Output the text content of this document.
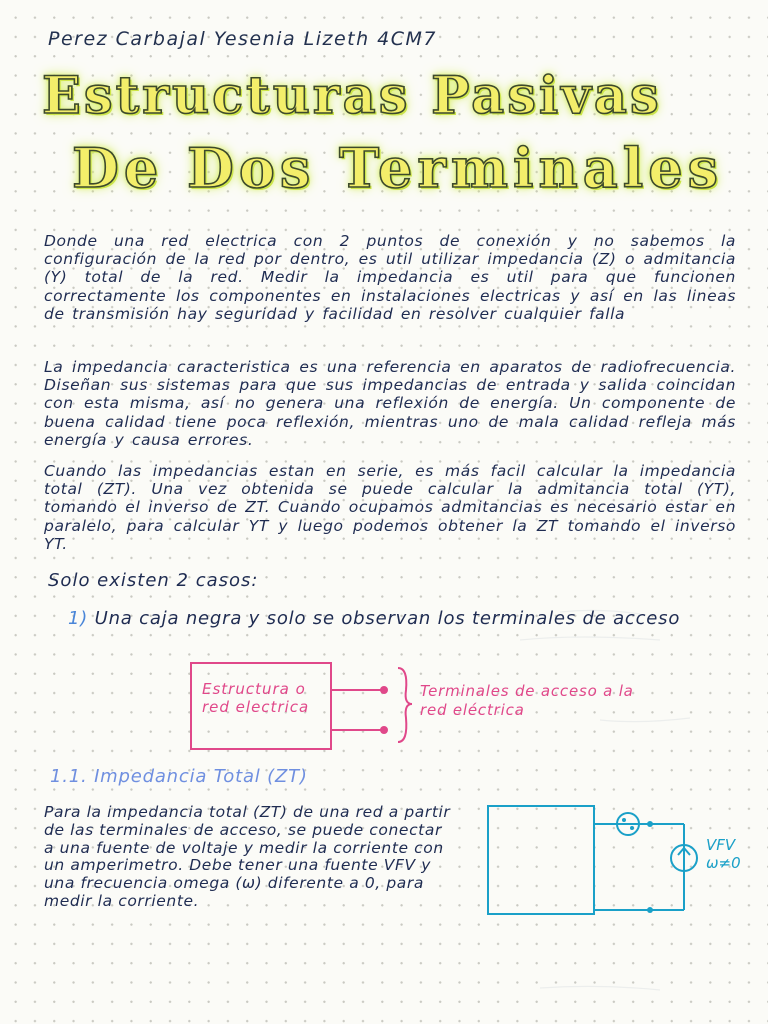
Perez Carbajal Yesenia Lizeth 4CM7
Estructuras Pasivas
De Dos Terminales

Donde una red electrica con 2 puntos de conexión y no sabemos la configuración de la red por dentro, es util utilizar impedancia (Z) o admitancia (Y) total de la red. Medir la impedancia es util para que funcionen correctamente los componentes en instalaciones electricas y así en las lineas de transmisión hay seguridad y facilidad en resolver cualquier falla

La impedancia caracteristica es una referencia en aparatos de radiofrecuencia. Diseñan sus sistemas para que sus impedancias de entrada y salida coincidan con esta misma, así no genera una reflexión de energía. Un componente de buena calidad tiene poca reflexión, mientras uno de mala calidad refleja más energía y causa errores.

Cuando las impedancias estan en serie, es más facil calcular la impedancia total (ZT). Una vez obtenida se puede calcular la admitancia total (YT), tomando el inverso de ZT. Cuando ocupamos admitancias es necesario estar en paralelo, para calcular YT y luego podemos obtener la ZT tomando el inverso YT.

Solo existen 2 casos:
1) Una caja negra y solo se observan los terminales de acceso
Estructura o red electrica
Terminales de acceso a la red eléctrica
1.1. Impedancia Total (ZT)

Para la impedancia total (ZT) de una red a partir de las terminales de acceso, se puede conectar a una fuente de voltaje y medir la corriente con un amperimetro. Debe tener una fuente VFV y una frecuencia omega (ω) diferente a 0, para medir la corriente.

VFV
ω≠0
